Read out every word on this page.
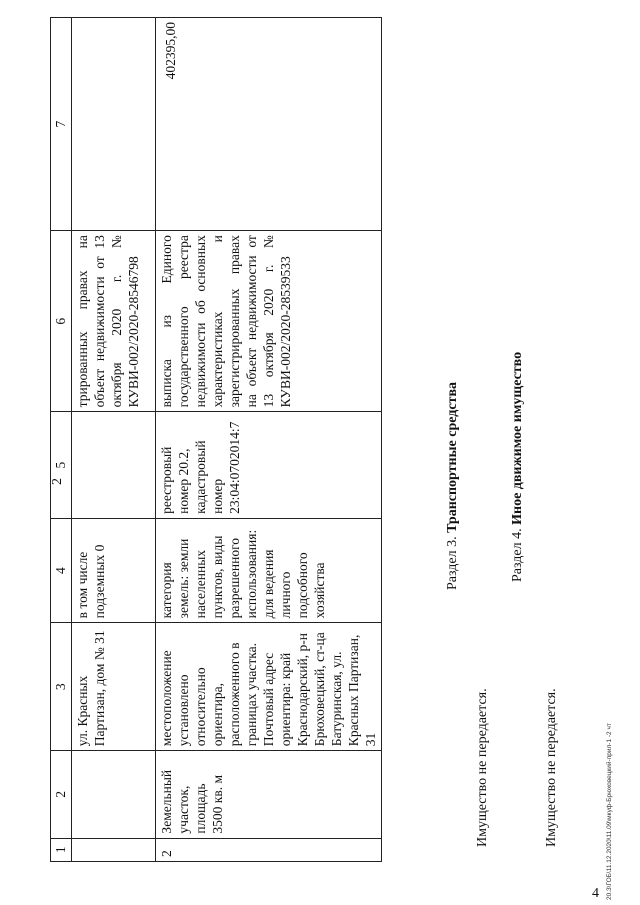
2
1	2	3	4	5	6	7
		ул. Красных Партизан, дом № 31	в том числе подземных 0		трированных правах на объект недвижимости от 13 октября 2020 г. № КУВИ-002/2020-28546798	
2	Земельный участок, площадь 3500 кв. м	местоположение установлено относительно ориентира, расположенного в границах участка. Почтовый адрес ориентира: край Краснодарский, р-н Брюховецкий, ст-ца Батуринская, ул. Красных Партизан, 31	категория земель: земли населенных пунктов, виды разрешенного использования: для ведения личного подсобного хозяйства	реестровый номер 20.2, кадастровый номер 23:04:0702014:7	выписка из Единого государственного реестра недвижимости об основных характеристиках и зарегистрированных правах на объект недвижимости от 13 октября 2020 г. № КУВИ-002/2020-28539533	402395,00
Раздел 3. Транспортные средства
Имущество не передается.
Раздел 4. Иное движимое имущество
Имущество не передается.
4 20.3\ГОБ\11.12.2020\11.09\мкуф-Брюховецкий-прил-1 -2 чт
